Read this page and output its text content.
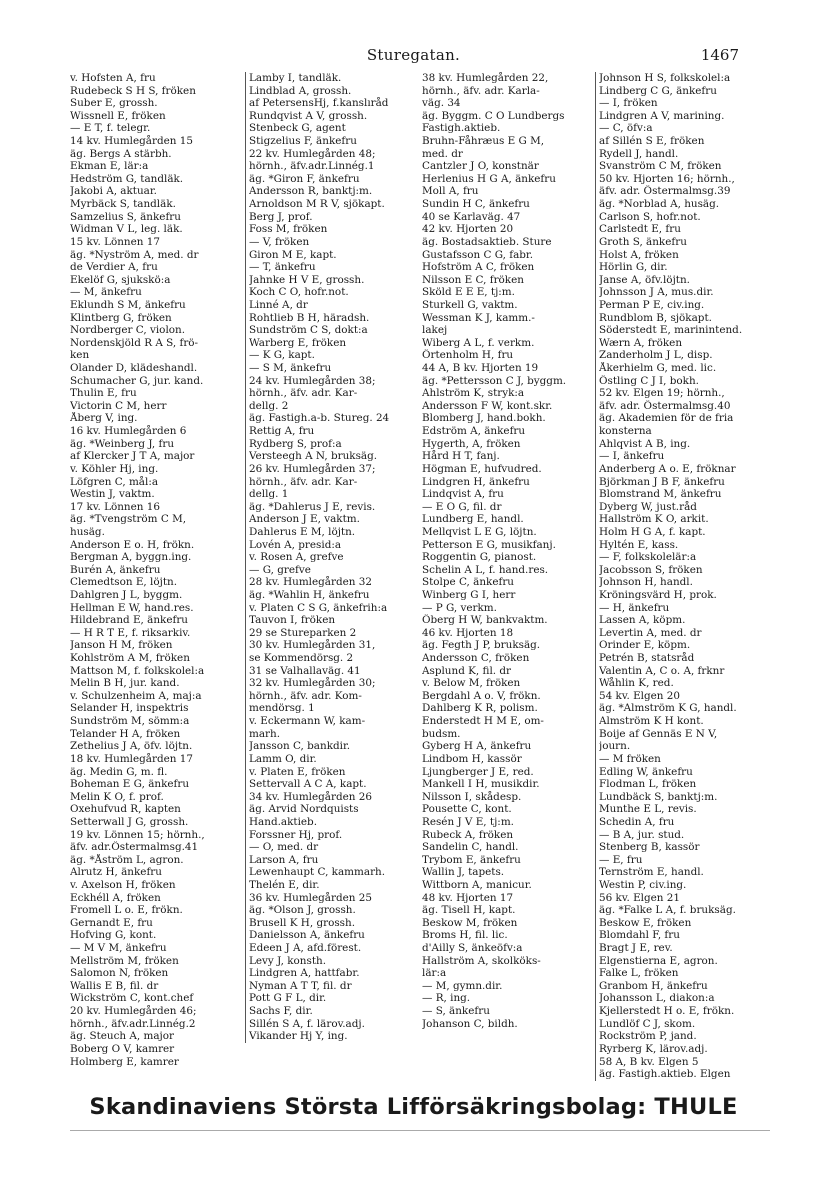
Sturegatan.	1467
v. Hofsten A, fru
Rudebeck S H S, fröken
Suber E, grossh.
Wissnell E, fröken
— E T, f. telegr.
14 kv. Humlegården 15
äg. Bergs A stärbh.
Ekman E, lär:a
Hedström G, tandläk.
Jakobi A, aktuar.
Myrbäck S, tandläk.
Samzelius S, änkefru
Widman V L, leg. läk.
15 kv. Lönnen 17
äg. *Nyström A, med. dr
de Verdier A, fru
Ekelöf G, sjukskö:a
— M, änkefru
Eklundh S M, änkefru
Klintberg G, fröken
Nordberger C, violon.
Nordenskjöld R A S, frö-
ken
Olander D, klädeshandl.
Schumacher G, jur. kand.
Thulin E, fru
Victorin C M, herr
Åberg V, ing.
16 kv. Humlegården 6
äg. *Weinberg J, fru
af Klercker J T A, major
v. Köhler Hj, ing.
Löfgren C, mål:a
Westin J, vaktm.
17 kv. Lönnen 16
äg. *Tvengström C M,
husäg.
Anderson E o. H, frökn.
Bergman A, byggn.ing.
Burén A, änkefru
Clemedtson E, löjtn.
Dahlgren J L, byggm.
Hellman E W, hand.res.
Hildebrand E, änkefru
— H R T E, f. riksarkiv.
Janson H M, fröken
Kohlström A M, fröken
Mattson M, f. folkskolel:a
Melin B H, jur. kand.
v. Schulzenheim A, maj:a
Selander H, inspektris
Sundström M, sömm:a
Telander H A, fröken
Zethelius J A, öfv. löjtn.
18 kv. Humlegården 17
äg. Medin G, m. fl.
Boheman E G, änkefru
Melin K O, f. prof.
Oxehufvud R, kapten
Setterwall J G, grossh.
19 kv. Lönnen 15; hörnh.,
äfv. adr.Östermalmsg.41
äg. *Åström L, agron.
Alrutz H, änkefru
v. Axelson H, fröken
Eckhéll A, fröken
Fromell L o. E, frökn.
Gernandt E, fru
Hofving G, kont.
— M V M, änkefru
Mellström M, fröken
Salomon N, fröken
Wallis E B, fil. dr
Wickström C, kont.chef
20 kv. Humlegården 46;
hörnh., äfv.adr.Linnég.2
äg. Steuch A, major
Boberg O V, kamrer
Holmberg E, kamrer
Lamby I, tandläk.
Lindblad A, grossh.
af PetersensHj, f.kanslıråd
Rundqvist A V, grossh.
Stenbeck G, agent
Stigzelius F, änkefru
22 kv. Humlegården 48;
hörnh., äfv.adr.Linnég.1
äg. *Giron F, änkefru
Andersson R, banktj:m.
Arnoldson M R V, sjökapt.
Berg J, prof.
Foss M, fröken
— V, fröken
Giron M E, kapt.
— T, änkefru
Jahnke H V E, grossh.
Koch C O, hofr.not.
Linné A, dr
Rohtlieb B H, häradsh.
Sundström C S, dokt:a
Warberg E, fröken
— K G, kapt.
— S M, änkefru
24 kv. Humlegården 38;
hörnh., äfv. adr. Kar-
dellg. 2
äg. Fastigh.a-b. Stureg. 24
Rettig A, fru
Rydberg S, prof:a
Versteegh A N, bruksäg.
26 kv. Humlegården 37;
hörnh., äfv. adr. Kar-
dellg. 1
äg. *Dahlerus J E, revis.
Anderson J E, vaktm.
Dahlerus E M, löjtn.
Lovén A, presid:a
v. Rosen A, grefve
— G, grefve
28 kv. Humlegården 32
äg. *Wahlin H, änkefru
v. Platen C S G, änkefrih:a
Tauvon I, fröken
29 se Stureparken 2
30 kv. Humlegården 31,
se Kommendörsg. 2
31 se Valhallaväg. 41
32 kv. Humlegården 30;
hörnh., äfv. adr. Kom-
mendörsg. 1
v. Eckermann W, kam-
marh.
Jansson C, bankdir.
Lamm O, dir.
v. Platen E, fröken
Settervall A C A, kapt.
34 kv. Humlegården 26
äg. Arvid Nordquists
Hand.aktieb.
Forssner Hj, prof.
— O, med. dr
Larson A, fru
Lewenhaupt C, kammarh.
Thelén E, dir.
36 kv. Humlegården 25
äg. *Olson J, grossh.
Brusell K H, grossh.
Danielsson A, änkefru
Edeen J A, afd.förest.
Levy J, konsth.
Lindgren A, hattfabr.
Nyman A T T, fil. dr
Pott G F L, dir.
Sachs F, dir.
Sillén S A, f. lärov.adj.
Vikander Hj Y, ing.
38 kv. Humlegården 22,
hörnh., äfv. adr. Karla-
väg. 34
äg. Byggm. C O Lundbergs
Fastigh.aktieb.
Bruhn-Fåhræus E G M,
med. dr
Cantzler J O, konstnär
Herlenius H G A, änkefru
Moll A, fru
Sundin H C, änkefru
40 se Karlaväg. 47
42 kv. Hjorten 20
äg. Bostadsaktieb. Sture
Gustafsson C G, fabr.
Hofström A C, fröken
Nilsson E C, fröken
Sköld E E E, tj:m.
Sturkell G, vaktm.
Wessman K J, kamm.-
lakej
Wiberg A L, f. verkm.
Örtenholm H, fru
44 A, B kv. Hjorten 19
äg. *Pettersson C J, byggm.
Ahlström K, stryk:a
Andersson F W, kont.skr.
Blomberg J, hand.bokh.
Edström A, änkefru
Hygerth, A, fröken
Hård H T, fanj.
Högman E, hufvudred.
Lindgren H, änkefru
Lindqvist A, fru
— E O G, fil. dr
Lundberg E, handl.
Mellqvist L E G, löjtn.
Petterson E G, musikfanj.
Roggentin G, pianost.
Schelin A L, f. hand.res.
Stolpe C, änkefru
Winberg G I, herr
— P G, verkm.
Öberg H W, bankvaktm.
46 kv. Hjorten 18
äg. Fegth J P, bruksäg.
Andersson C, fröken
Asplund K, fil. dr
v. Below M, fröken
Bergdahl A o. V, frökn.
Dahlberg K R, polism.
Enderstedt H M E, om-
budsm.
Gyberg H A, änkefru
Lindbom H, kassör
Ljungberger J E, red.
Mankell I H, musikdir.
Nilsson I, skådesp.
Pousette C, kont.
Resén J V E, tj:m.
Rubeck A, fröken
Sandelin C, handl.
Trybom E, änkefru
Wallin J, tapets.
Wittborn A, manicur.
48 kv. Hjorten 17
äg. Tisell H, kapt.
Beskow M, fröken
Broms H, fil. lic.
d'Ailly S, änkeöfv:a
Hallström A, skolköks-
lär:a
— M, gymn.dir.
— R, ing.
— S, änkefru
Johanson C, bildh.
Johnson H S, folkskolel:a
Lindberg C G, änkefru
— I, fröken
Lindgren A V, marining.
— C, öfv:a
af Sillén S E, fröken
Rydell J, handl.
Svanström C M, fröken
50 kv. Hjorten 16; hörnh.,
äfv. adr. Östermalmsg.39
äg. *Norblad A, husäg.
Carlson S, hofr.not.
Carlstedt E, fru
Groth S, änkefru
Holst A, fröken
Hörlin G, dir.
Janse A, öfv.löjtn.
Johnsson J A, mus.dir.
Perman P E, civ.ing.
Rundblom B, sjökapt.
Söderstedt E, marinintend.
Wærn A, fröken
Zanderholm J L, disp.
Åkerhielm G, med. lic.
Östling C J I, bokh.
52 kv. Elgen 19; hörnh.,
äfv. adr. Östermalmsg.40
äg. Akademien för de fria
konsterna
Ahlqvist A B, ing.
— I, änkefru
Anderberg A o. E, fröknar
Björkman J B F, änkefru
Blomstrand M, änkefru
Dyberg W, just.råd
Hallström K O, arkit.
Holm H G A, f. kapt.
Hyltén E, kass.
— F, folkskolelär:a
Jacobsson S, fröken
Johnson H, handl.
Kröningsvärd H, prok.
— H, änkefru
Lassen A, köpm.
Levertin A, med. dr
Orinder E, köpm.
Petrén B, statsråd
Valentin A, C o. A, frknr
Wåhlin K, red.
54 kv. Elgen 20
äg. *Almström K G, handl.
Almström K H kont.
Boije af Gennäs E N V,
journ.
— M fröken
Edling W, änkefru
Flodman L, fröken
Lundbäck S, banktj:m.
Munthe E L, revis.
Schedin A, fru
— B A, jur. stud.
Stenberg B, kassör
— E, fru
Ternström E, handl.
Westin P, civ.ing.
56 kv. Elgen 21
äg. *Falke L A, f. bruksäg.
Beskow E, fröken
Blomdahl F, fru
Bragt J E, rev.
Elgenstierna E, agron.
Falke L, fröken
Granbom H, änkefru
Johansson L, diakon:a
Kjellerstedt H o. E, frökn.
Lundlöf C J, skom.
Rockström P, jand.
Ryrberg K, lärov.adj.
58 A, B kv. Elgen 5
äg. Fastigh.aktieb. Elgen
Skandinaviens Största Lifförsäkringsbolag: THULE
